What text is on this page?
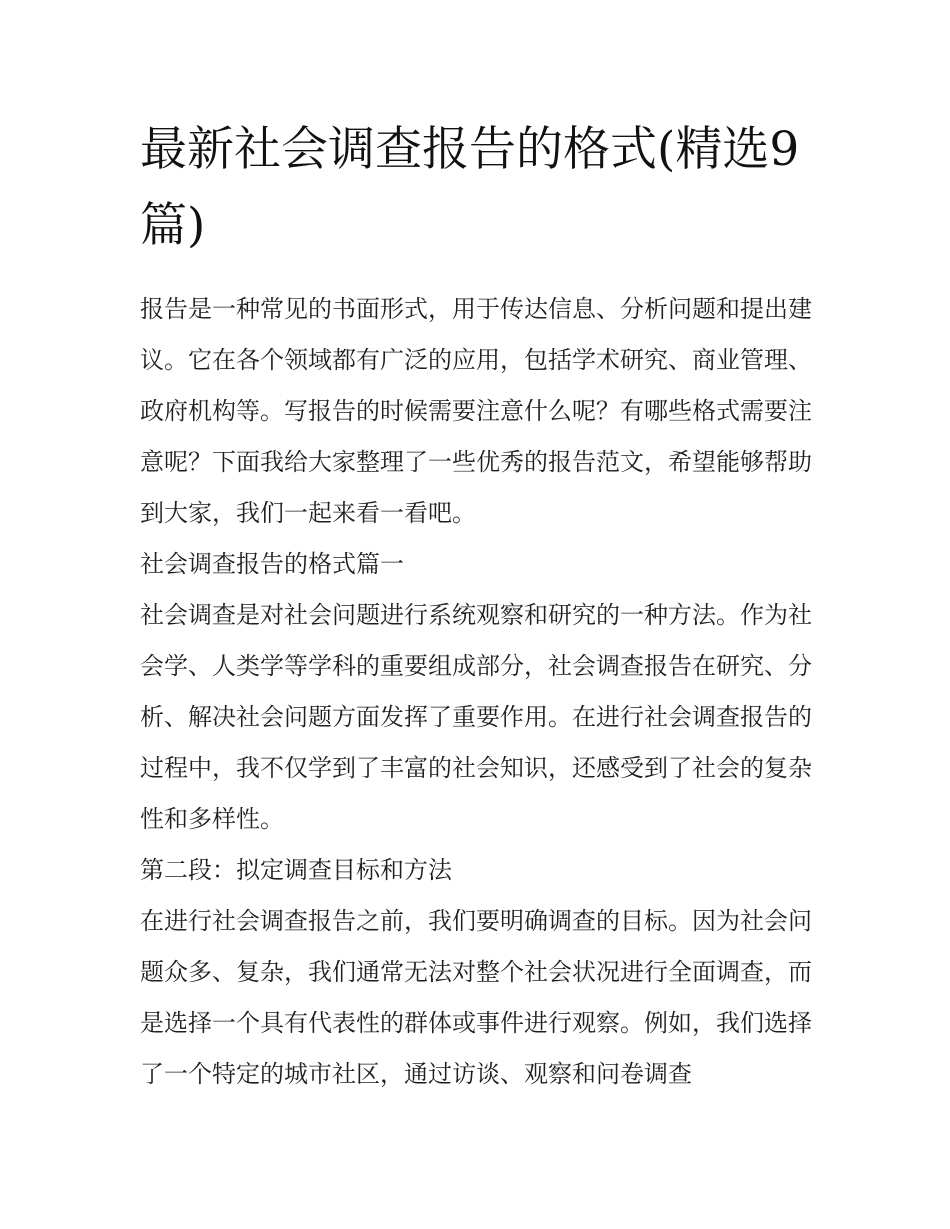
最新社会调查报告的格式(精选9篇)

报告是一种常见的书面形式，用于传达信息、分析问题和提出建议。它在各个领域都有广泛的应用，包括学术研究、商业管理、政府机构等。写报告的时候需要注意什么呢？有哪些格式需要注意呢？下面我给大家整理了一些优秀的报告范文，希望能够帮助到大家，我们一起来看一看吧。

社会调查报告的格式篇一

社会调查是对社会问题进行系统观察和研究的一种方法。作为社会学、人类学等学科的重要组成部分，社会调查报告在研究、分析、解决社会问题方面发挥了重要作用。在进行社会调查报告的过程中，我不仅学到了丰富的社会知识，还感受到了社会的复杂性和多样性。

第二段：拟定调查目标和方法

在进行社会调查报告之前，我们要明确调查的目标。因为社会问题众多、复杂，我们通常无法对整个社会状况进行全面调查，而是选择一个具有代表性的群体或事件进行观察。例如，我们选择了一个特定的城市社区，通过访谈、观察和问卷调查
